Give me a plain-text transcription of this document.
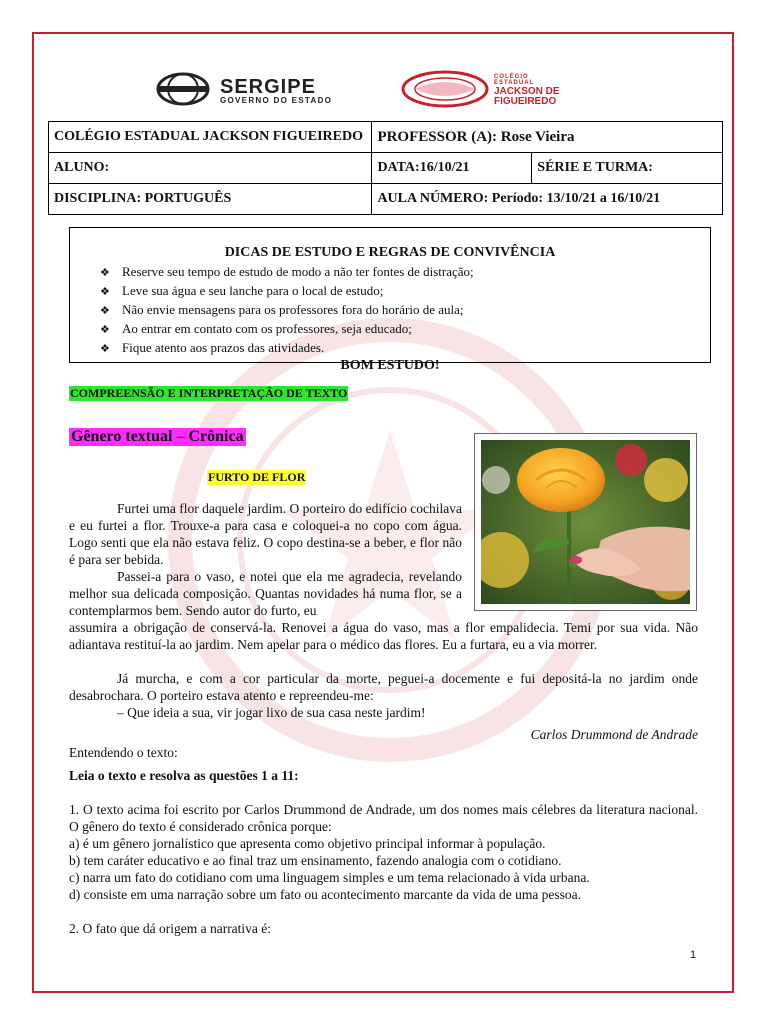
SERGIPE
GOVERNO DO ESTADO
COLÉGIO
ESTADUAL
JACKSON DE
FIGUEIREDO
COLÉGIO ESTADUAL JACKSON FIGUEIREDO	PROFESSOR (A): Rose Vieira	
ALUNO:	DATA:16/10/21	SÉRIE E TURMA:
DISCIPLINA: PORTUGUÊS	AULA NÚMERO: Período: 13/10/21 a 16/10/21	
DICAS DE ESTUDO E REGRAS DE CONVIVÊNCIA
❖ Reserve seu tempo de estudo de modo a não ter fontes de distração;
❖ Leve sua água e seu lanche para o local de estudo;
❖ Não envie mensagens para os professores fora do horário de aula;
❖ Ao entrar em contato com os professores, seja educado;
❖ Fique atento aos prazos das atividades.
BOM ESTUDO!
COMPREENSÃO E INTERPRETAÇÃO DE TEXTO
Gênero textual – Crônica
FURTO DE FLOR
Furtei uma flor daquele jardim. O porteiro do edifício cochilava e eu furtei a flor. Trouxe-a para casa e coloquei-a no copo com água. Logo senti que ela não estava feliz. O copo destina-se a beber, e flor não é para ser bebida.
Passei-a para o vaso, e notei que ela me agradecia, revelando melhor sua delicada composição. Quantas novidades há numa flor, se a contemplarmos bem. Sendo autor do furto, eu
assumira a obrigação de conservá-la. Renovei a água do vaso, mas a flor empalidecia. Temi por sua vida. Não adiantava restituí-la ao jardim. Nem apelar para o médico das flores. Eu a furtara, eu a via morrer.
Já murcha, e com a cor particular da morte, peguei-a docemente e fui depositá-la no jardim onde desabrochara. O porteiro estava atento e repreendeu-me:
– Que ideia a sua, vir jogar lixo de sua casa neste jardim!
Carlos Drummond de Andrade
Entendendo o texto:
Leia o texto e resolva as questões 1 a 11:
1. O texto acima foi escrito por Carlos Drummond de Andrade, um dos nomes mais célebres da literatura nacional. O gênero do texto é considerado crônica porque:
a) é um gênero jornalístico que apresenta como objetivo principal informar à população.
b) tem caráter educativo e ao final traz um ensinamento, fazendo analogia com o cotidiano.
c) narra um fato do cotidiano com uma linguagem simples e um tema relacionado à vida urbana.
d) consiste em uma narração sobre um fato ou acontecimento marcante da vida de uma pessoa.
2. O fato que dá origem a narrativa é:
1
